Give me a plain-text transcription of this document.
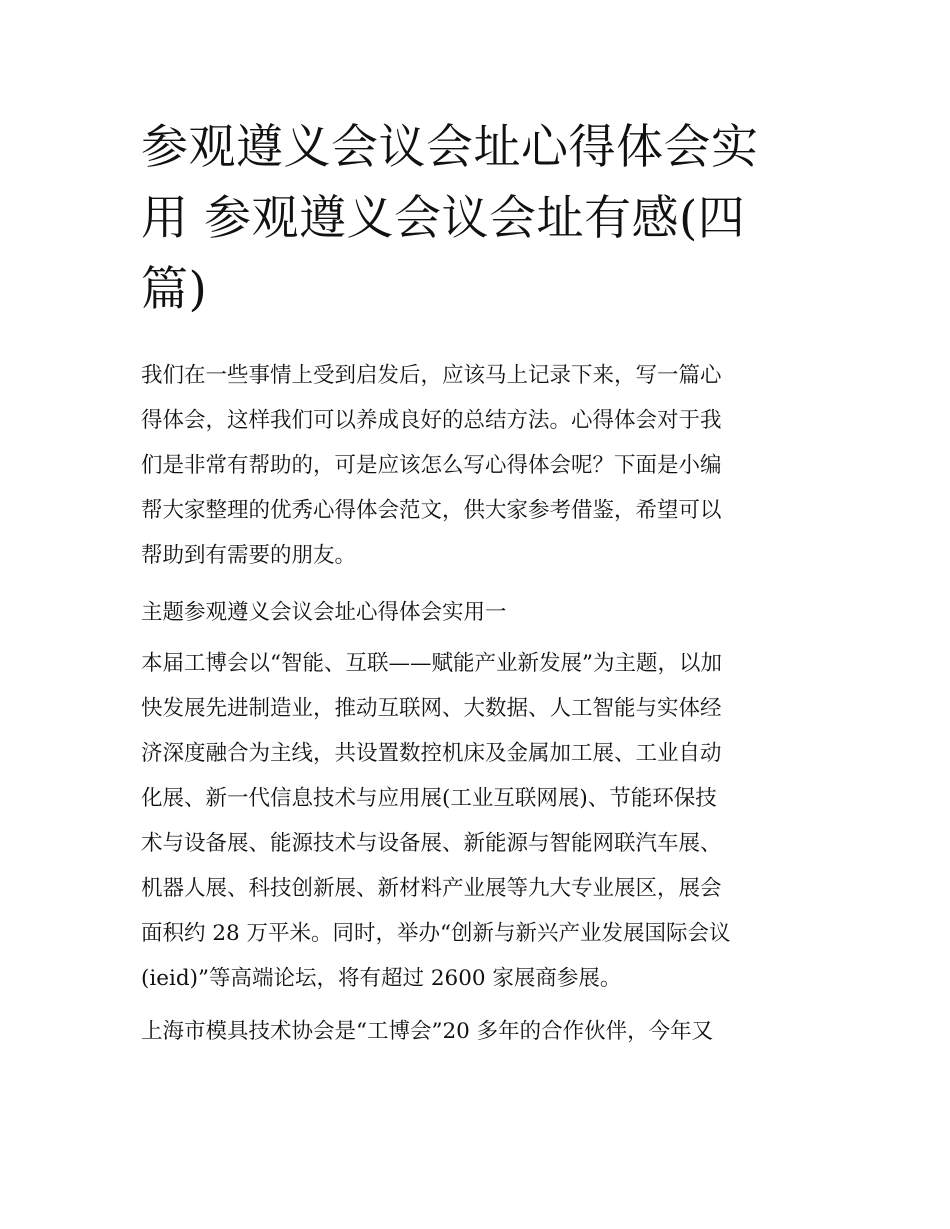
参观遵义会议会址心得体会实
用 参观遵义会议会址有感(四
篇)

我们在一些事情上受到启发后，应该马上记录下来，写一篇心
得体会，这样我们可以养成良好的总结方法。心得体会对于我
们是非常有帮助的，可是应该怎么写心得体会呢？下面是小编
帮大家整理的优秀心得体会范文，供大家参考借鉴，希望可以
帮助到有需要的朋友。

主题参观遵义会议会址心得体会实用一

本届工博会以“智能、互联——赋能产业新发展”为主题，以加
快发展先进制造业，推动互联网、大数据、人工智能与实体经
济深度融合为主线，共设置数控机床及金属加工展、工业自动
化展、新一代信息技术与应用展(工业互联网展)、节能环保技
术与设备展、能源技术与设备展、新能源与智能网联汽车展、
机器人展、科技创新展、新材料产业展等九大专业展区，展会
面积约 28 万平米。同时，举办“创新与新兴产业发展国际会议
(ieid)”等高端论坛，将有超过 2600 家展商参展。

上海市模具技术协会是“工博会”20 多年的合作伙伴，今年又
